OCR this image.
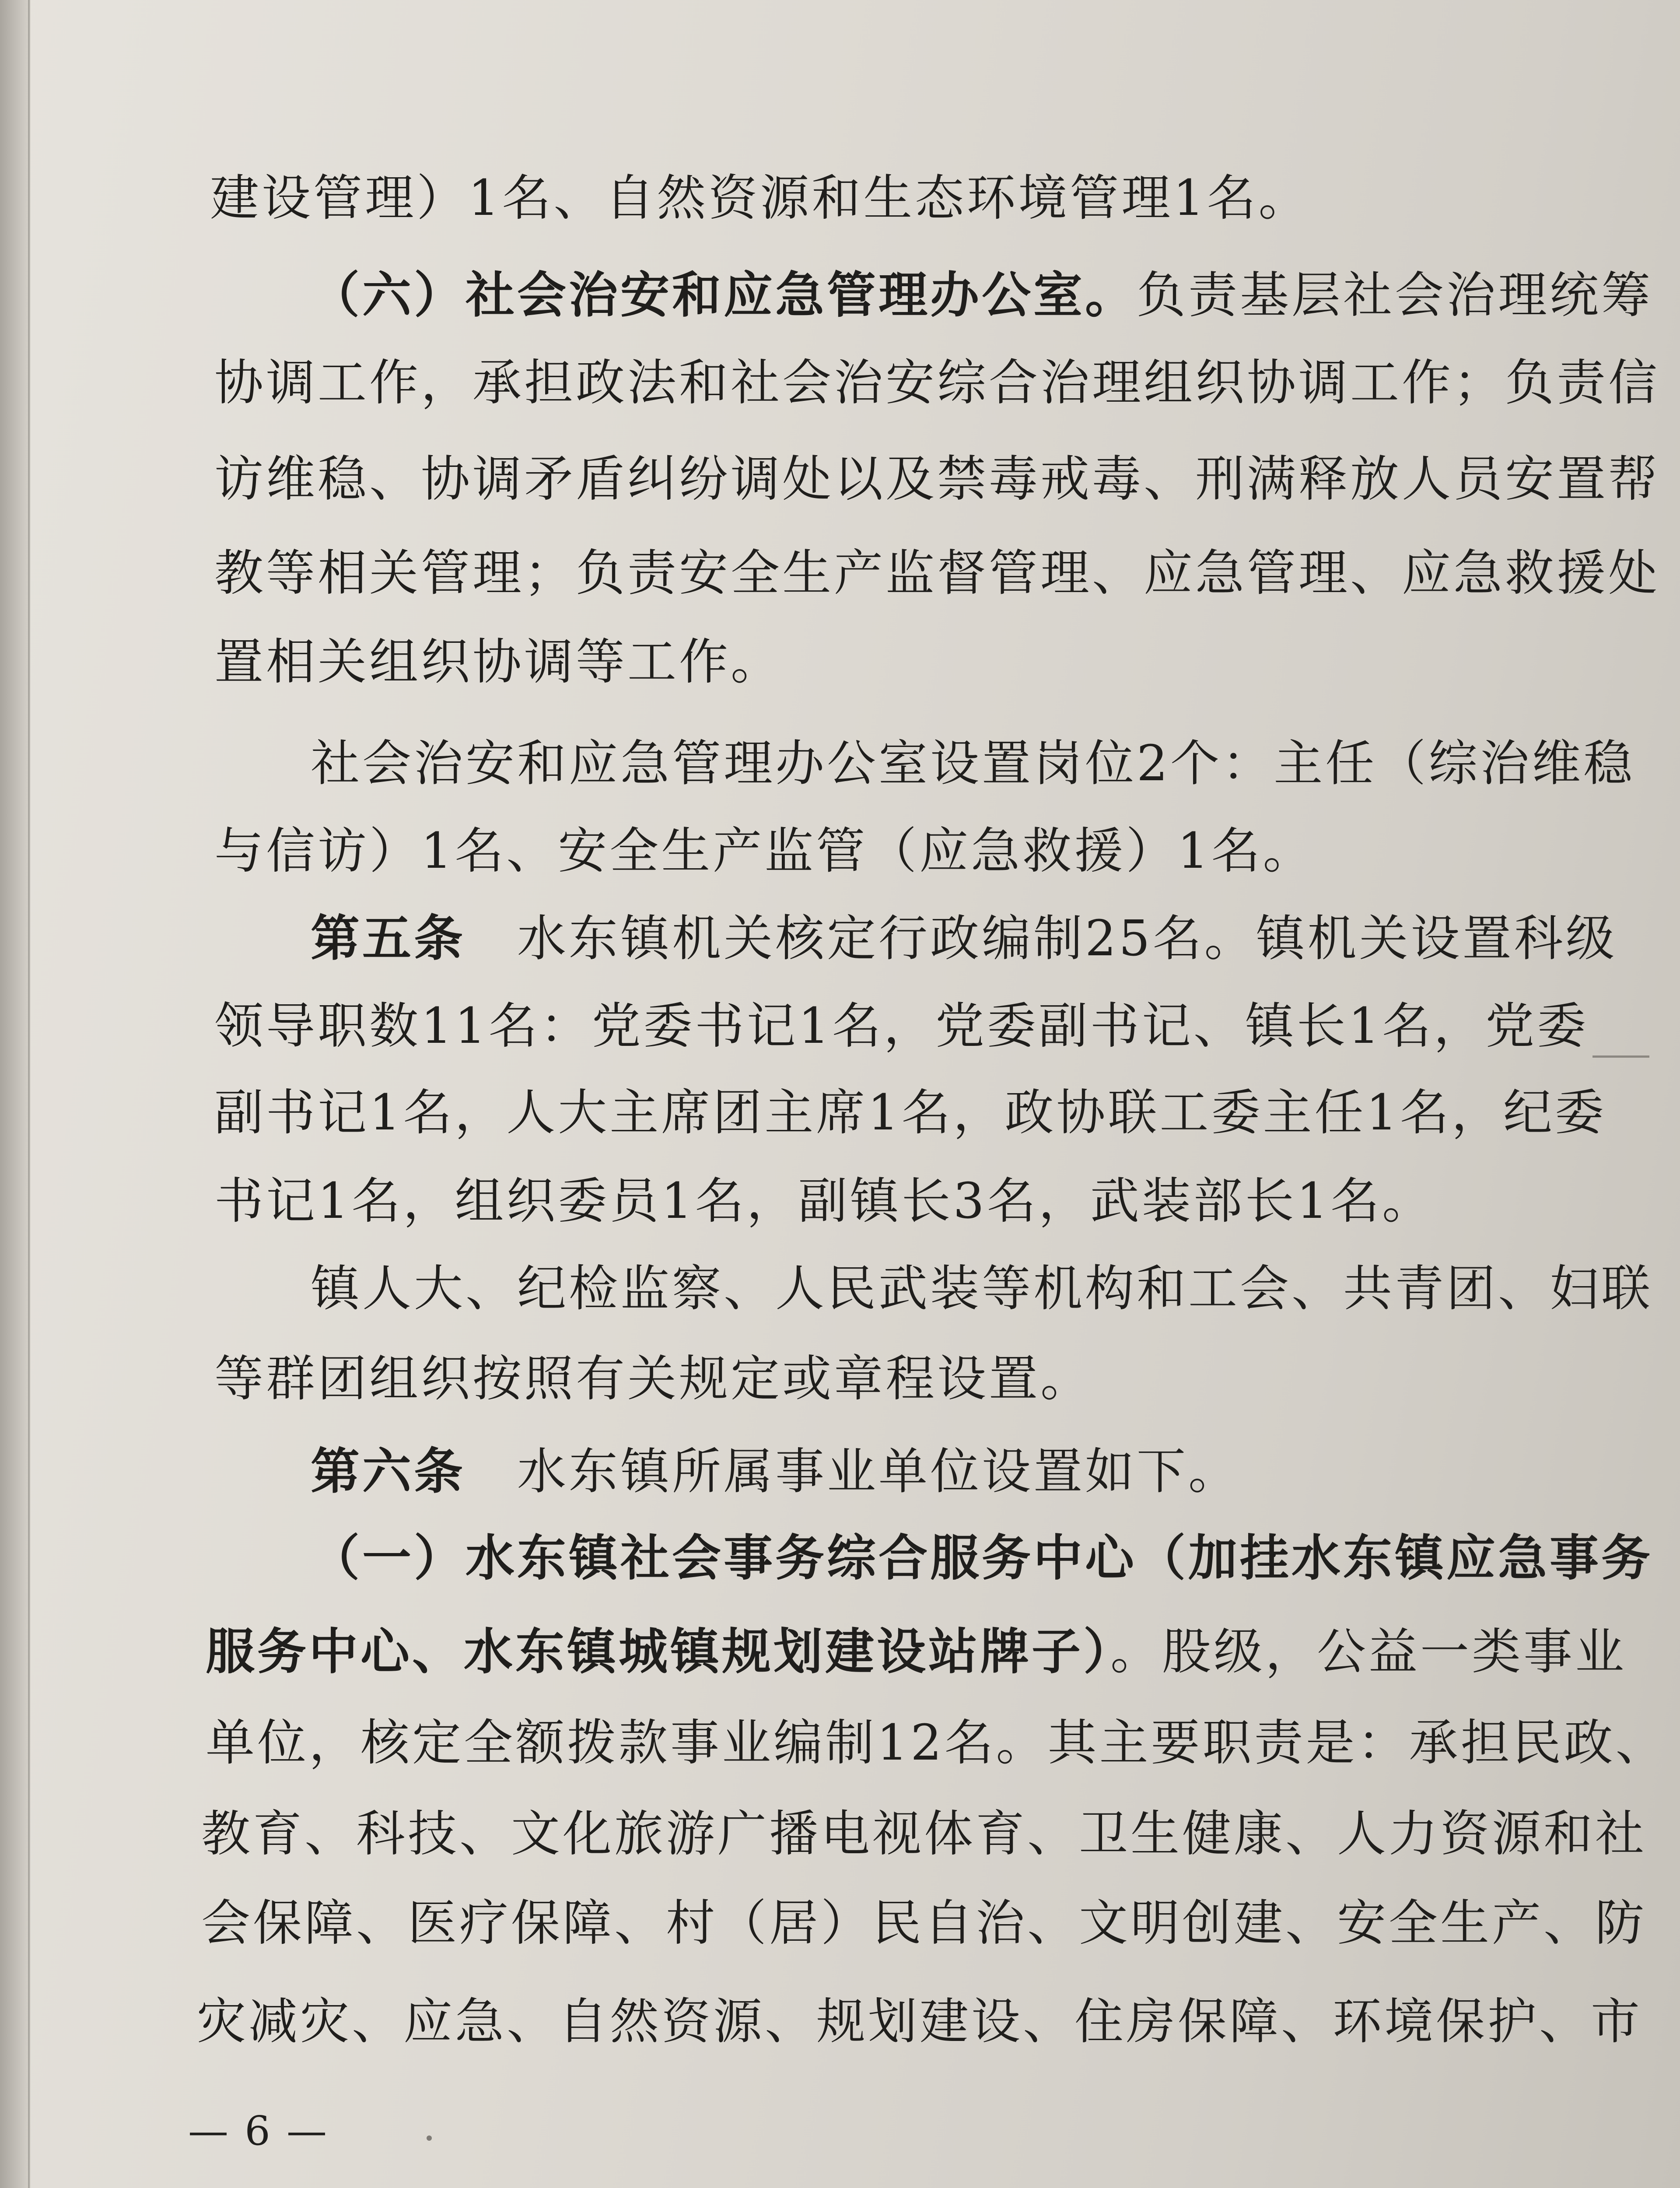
建设管理）1名、自然资源和生态环境管理1名。
（六）社会治安和应急管理办公室。负责基层社会治理统筹
协调工作，承担政法和社会治安综合治理组织协调工作；负责信
访维稳、协调矛盾纠纷调处以及禁毒戒毒、刑满释放人员安置帮
教等相关管理；负责安全生产监督管理、应急管理、应急救援处
置相关组织协调等工作。
社会治安和应急管理办公室设置岗位2个：主任（综治维稳
与信访）1名、安全生产监管（应急救援）1名。
第五条　水东镇机关核定行政编制25名。镇机关设置科级
领导职数11名：党委书记1名，党委副书记、镇长1名，党委
副书记1名，人大主席团主席1名，政协联工委主任1名，纪委
书记1名，组织委员1名，副镇长3名，武装部长1名。
镇人大、纪检监察、人民武装等机构和工会、共青团、妇联
等群团组织按照有关规定或章程设置。
第六条　水东镇所属事业单位设置如下。
（一）水东镇社会事务综合服务中心（加挂水东镇应急事务
服务中心、水东镇城镇规划建设站牌子）。股级，公益一类事业
单位，核定全额拨款事业编制12名。其主要职责是：承担民政、
教育、科技、文化旅游广播电视体育、卫生健康、人力资源和社
会保障、医疗保障、村（居）民自治、文明创建、安全生产、防
灾减灾、应急、自然资源、规划建设、住房保障、环境保护、市
— 6 —
